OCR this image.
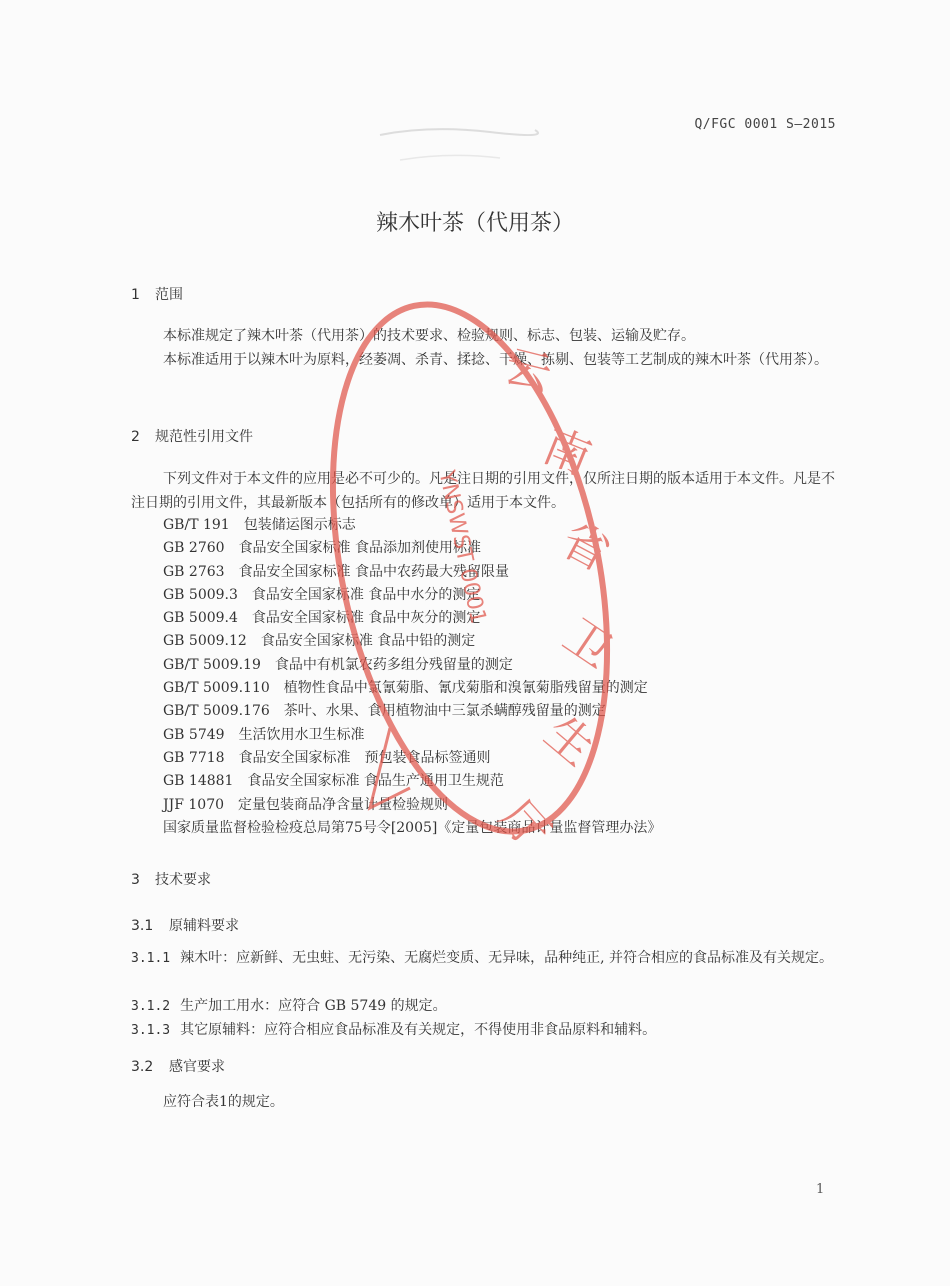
Q/FGC 0001 S—2015
辣木叶茶（代用茶）
1 范围
本标准规定了辣木叶茶（代用茶）的技术要求、检验规则、标志、包装、运输及贮存。
本标准适用于以辣木叶为原料，经萎凋、杀青、揉捻、干燥、拣剔、包装等工艺制成的辣木叶茶（代用茶）。
2 规范性引用文件
下列文件对于本文件的应用是必不可少的。凡是注日期的引用文件，仅所注日期的版本适用于本文件。凡是不注日期的引用文件，其最新版本（包括所有的修改单）适用于本文件。
GB/T 191 包装储运图示标志
GB 2760 食品安全国家标准 食品添加剂使用标准
GB 2763 食品安全国家标准 食品中农药最大残留限量
GB 5009.3 食品安全国家标准 食品中水分的测定
GB 5009.4 食品安全国家标准 食品中灰分的测定
GB 5009.12 食品安全国家标准 食品中铅的测定
GB/T 5009.19 食品中有机氯农药多组分残留量的测定
GB/T 5009.110 植物性食品中氯氰菊脂、氰戊菊脂和溴氰菊脂残留量的测定
GB/T 5009.176 茶叶、水果、食用植物油中三氯杀螨醇残留量的测定
GB 5749 生活饮用水卫生标准
GB 7718 食品安全国家标准　预包装食品标签通则
GB 14881 食品安全国家标准 食品生产通用卫生规范
JJF 1070 定量包装商品净含量计量检验规则
国家质量监督检验检疫总局第75号令[2005]《定量包装商品计量监督管理办法》
3 技术要求
3.1 原辅料要求
3.1.1 辣木叶：应新鲜、无虫蛀、无污染、无腐烂变质、无异味，品种纯正, 并符合相应的食品标准及有关规定。
3.1.2 生产加工用水：应符合 GB 5749 的规定。
3.1.3 其它原辅料：应符合相应食品标准及有关规定，不得使用非食品原料和辅料。
3.2 感官要求
应符合表1的规定。
1
云
南
省
卫
生
厅
YNSWST 0001
